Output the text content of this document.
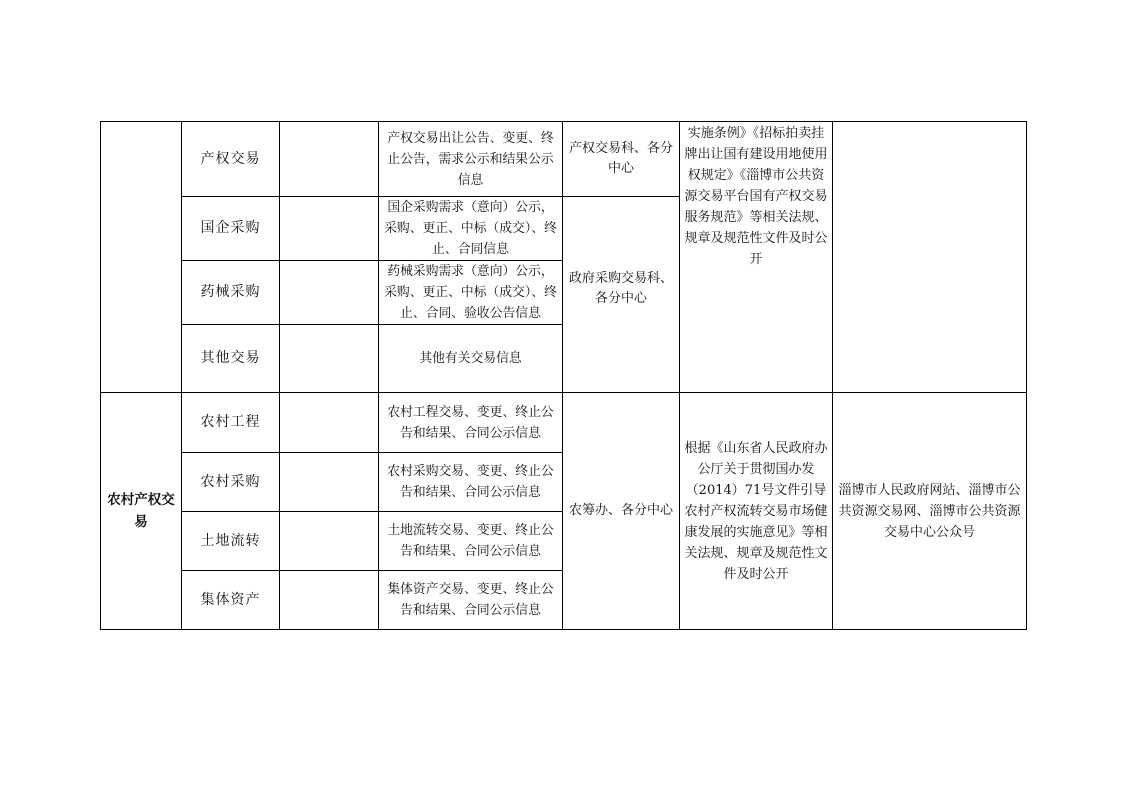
	产权交易		产权交易出让公告、变更、终止公告，需求公示和结果公示信息	产权交易科、各分中心	实施条例》《招标拍卖挂牌出让国有建设用地使用权规定》《淄博市公共资源交易平台国有产权交易服务规范》等相关法规、规章及规范性文件及时公开	
	国企采购		国企采购需求（意向）公示，采购、更正、中标（成交）、终止、合同信息	政府采购交易科、各分中心		
	药械采购		药械采购需求（意向）公示，采购、更正、中标（成交）、终止、合同、验收公告信息			
	其他交易		其他有关交易信息			
农村产权交易	农村工程		农村工程交易、变更、终止公告和结果、合同公示信息	农筹办、各分中心	根据《山东省人民政府办公厅关于贯彻国办发（2014）71号文件引导农村产权流转交易市场健康发展的实施意见》等相关法规、规章及规范性文件及时公开	淄博市人民政府网站、淄博市公共资源交易网、淄博市公共资源交易中心公众号
	农村采购		农村采购交易、变更、终止公告和结果、合同公示信息			
	土地流转		土地流转交易、变更、终止公告和结果、合同公示信息			
	集体资产		集体资产交易、变更、终止公告和结果、合同公示信息			
